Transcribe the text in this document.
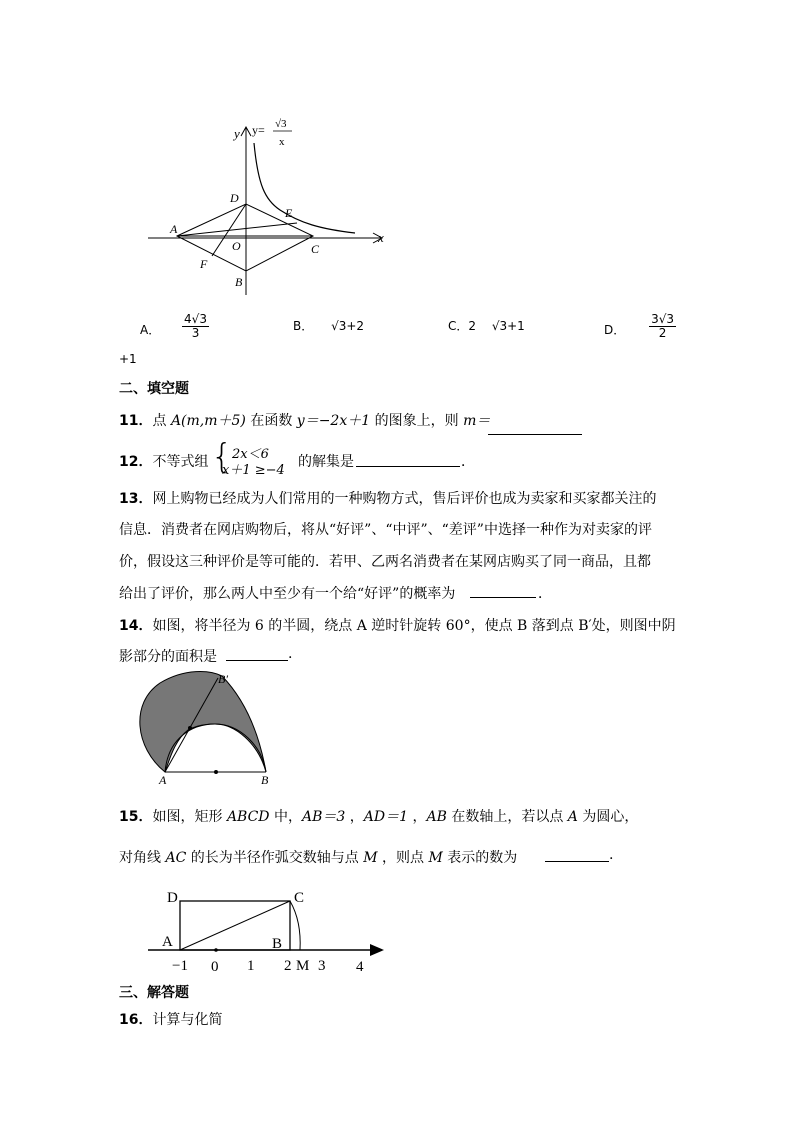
y
x
y= √3
x
D
E
A
O	C
F
B
A． $\frac{4√3}{3}$	B． √3+2	C．2 √3+1	D． $\frac{3√3}{2}$
+1
二、填空题
11．点 A(m,m＋5) 在函数 y＝−2x＋1 的图象上，则 m＝
12．不等式组 { 2x＜6
x＋1 ≥−4
的解集是	．
13．网上购物已经成为人们常用的一种购物方式，售后评价也成为卖家和买家都关注的
信息．消费者在网店购物后，将从“好评”、“中评”、“差评”中选择一种作为对卖家的评
价，假设这三种评价是等可能的．若甲、乙两名消费者在某网店购买了同一商品，且都
给出了评价，那么两人中至少有一个给“好评”的概率为	．
14．如图，将半径为 6 的半圆，绕点 A 逆时针旋转 60°，使点 B 落到点 B′处，则图中阴
影部分的面积是	.
A	B
B′
15．如图，矩形 ABCD 中，AB＝3 ，AD＝1 ，AB 在数轴上，若以点 A 为圆心，
对角线 AC 的长为半径作弧交数轴与点 M ，则点 M 表示的数为	.
D	C
A	B
−1 0 1 2 M 3 4
三、解答题
16．计算与化简
